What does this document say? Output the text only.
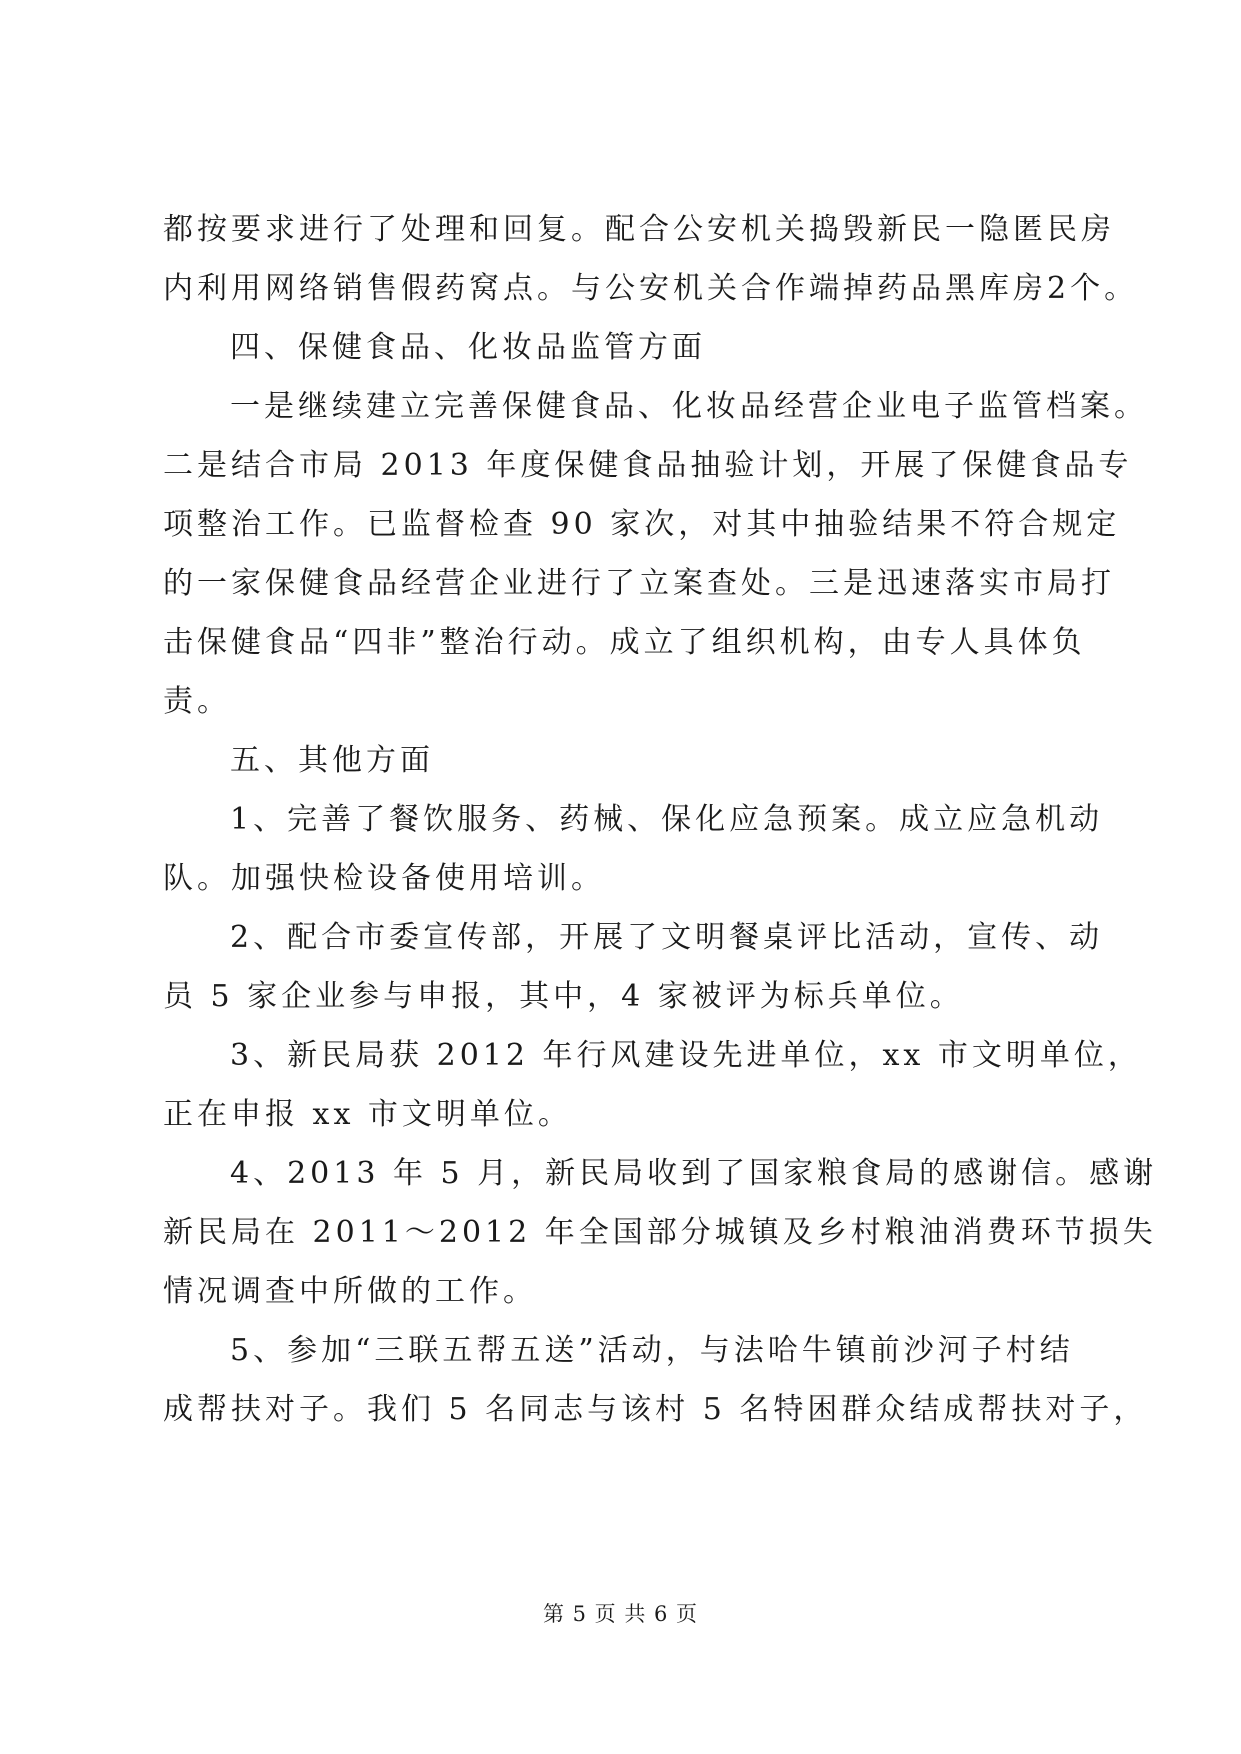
都按要求进行了处理和回复。配合公安机关捣毁新民一隐匿民房
内利用网络销售假药窝点。与公安机关合作端掉药品黑库房2个。
四、保健食品、化妆品监管方面
一是继续建立完善保健食品、化妆品经营企业电子监管档案。
二是结合市局 2013 年度保健食品抽验计划，开展了保健食品专
项整治工作。已监督检查 90 家次，对其中抽验结果不符合规定
的一家保健食品经营企业进行了立案查处。三是迅速落实市局打
击保健食品“四非”整治行动。成立了组织机构，由专人具体负
责。
五、其他方面
1、完善了餐饮服务、药械、保化应急预案。成立应急机动
队。加强快检设备使用培训。
2、配合市委宣传部，开展了文明餐桌评比活动，宣传、动
员 5 家企业参与申报，其中，4 家被评为标兵单位。
3、新民局获 2012 年行风建设先进单位，xx 市文明单位，
正在申报 xx 市文明单位。
4、2013 年 5 月，新民局收到了国家粮食局的感谢信。感谢
新民局在 2011～2012 年全国部分城镇及乡村粮油消费环节损失
情况调查中所做的工作。
5、参加“三联五帮五送”活动，与法哈牛镇前沙河子村结
成帮扶对子。我们 5 名同志与该村 5 名特困群众结成帮扶对子，
第 5 页 共 6 页
